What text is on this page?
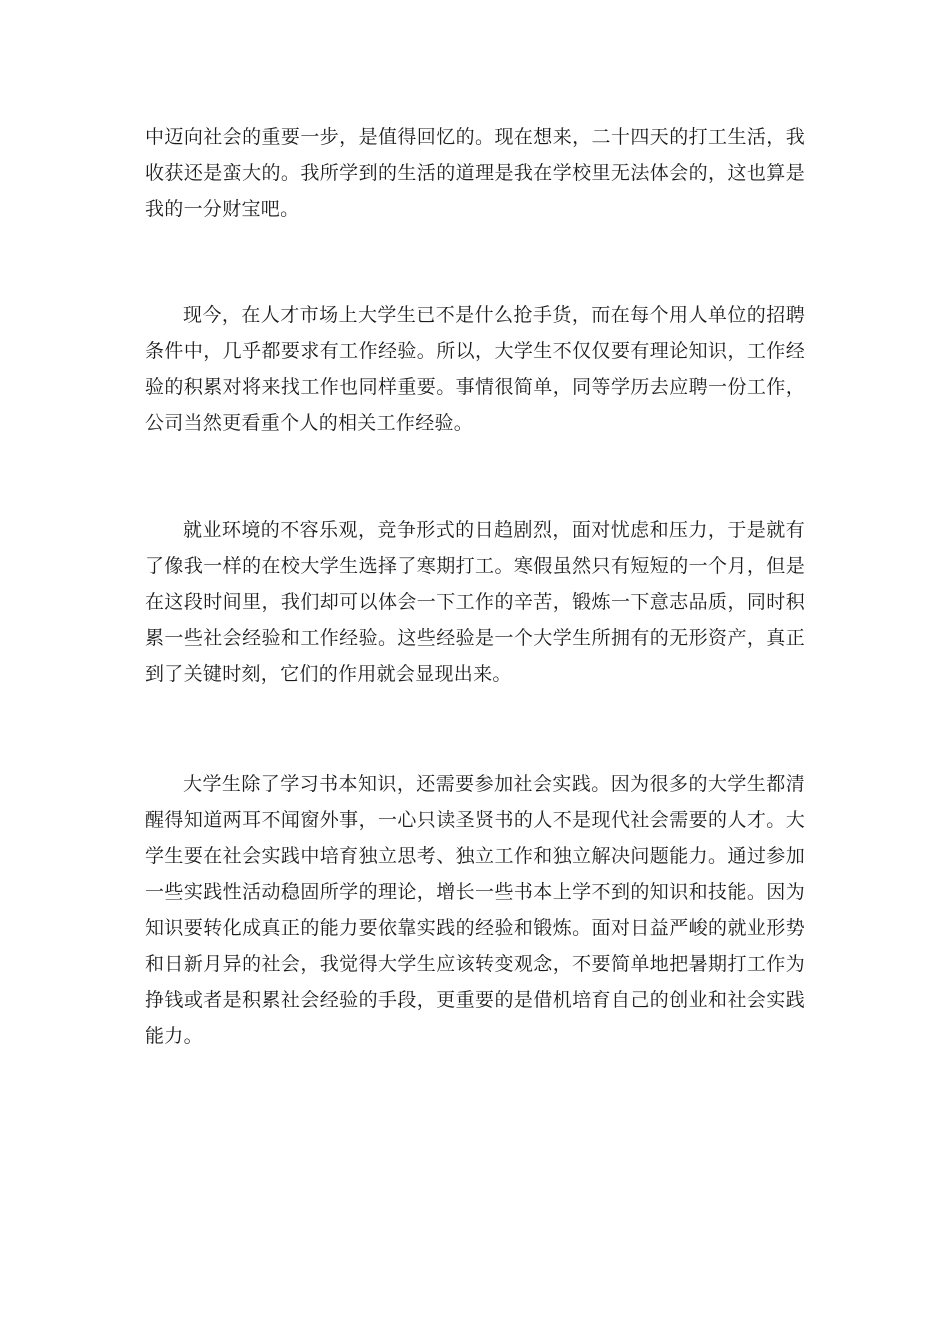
中迈向社会的重要一步，是值得回忆的。现在想来，二十四天的打工生活，我收获还是蛮大的。我所学到的生活的道理是我在学校里无法体会的，这也算是我的一分财宝吧。

现今，在人才市场上大学生已不是什么抢手货，而在每个用人单位的招聘条件中，几乎都要求有工作经验。所以，大学生不仅仅要有理论知识，工作经验的积累对将来找工作也同样重要。事情很简单，同等学历去应聘一份工作，公司当然更看重个人的相关工作经验。

就业环境的不容乐观，竞争形式的日趋剧烈，面对忧虑和压力，于是就有了像我一样的在校大学生选择了寒期打工。寒假虽然只有短短的一个月，但是在这段时间里，我们却可以体会一下工作的辛苦，锻炼一下意志品质，同时积累一些社会经验和工作经验。这些经验是一个大学生所拥有的无形资产，真正到了关键时刻，它们的作用就会显现出来。

大学生除了学习书本知识，还需要参加社会实践。因为很多的大学生都清醒得知道两耳不闻窗外事，一心只读圣贤书的人不是现代社会需要的人才。大学生要在社会实践中培育独立思考、独立工作和独立解决问题能力。通过参加一些实践性活动稳固所学的理论，增长一些书本上学不到的知识和技能。因为知识要转化成真正的能力要依靠实践的经验和锻炼。面对日益严峻的就业形势和日新月异的社会，我觉得大学生应该转变观念，不要简单地把暑期打工作为挣钱或者是积累社会经验的手段，更重要的是借机培育自己的创业和社会实践能力。
